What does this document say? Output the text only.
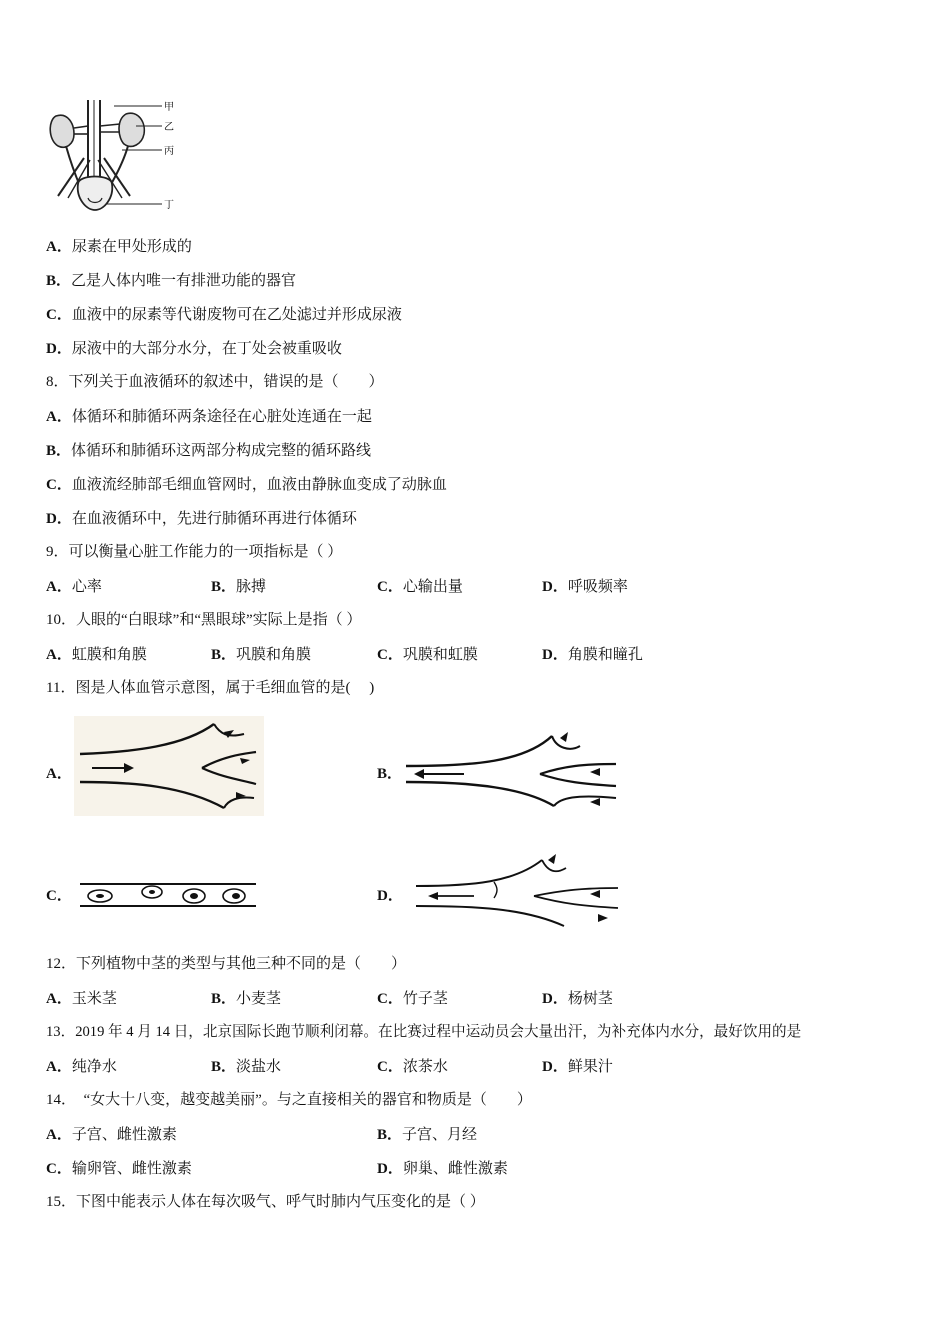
甲
乙
丙
丁
A．尿素在甲处形成的
B．乙是人体内唯一有排泄功能的器官
C．血液中的尿素等代谢废物可在乙处滤过并形成尿液
D．尿液中的大部分水分，在丁处会被重吸收
8．下列关于血液循环的叙述中，错误的是（　　）
A．体循环和肺循环两条途径在心脏处连通在一起
B．体循环和肺循环这两部分构成完整的循环路线
C．血液流经肺部毛细血管网时，血液由静脉血变成了动脉血
D．在血液循环中，先进行肺循环再进行体循环
9．可以衡量心脏工作能力的一项指标是（ ）
A．心率	B．脉搏	C．心输出量	D．呼吸频率
10．人眼的“白眼球”和“黑眼球”实际上是指（ ）
A．虹膜和角膜	B．巩膜和角膜	C．巩膜和虹膜	D．角膜和瞳孔
11．图是人体血管示意图，属于毛细血管的是(　 )
A．	B．
C．	D．
12．下列植物中茎的类型与其他三种不同的是（　　）
A．玉米茎	B．小麦茎	C．竹子茎	D．杨树茎
13．2019 年 4 月 14 日，北京国际长跑节顺利闭幕。在比赛过程中运动员会大量出汗，为补充体内水分，最好饮用的是
A．纯净水	B．淡盐水	C．浓茶水	D．鲜果汁
14．　“女大十八变，越变越美丽”。与之直接相关的器官和物质是（　　）
A．子宫、雌性激素	B．子宫、月经
C．输卵管、雌性激素	D．卵巢、雌性激素
15．下图中能表示人体在每次吸气、呼气时肺内气压变化的是（ ）
